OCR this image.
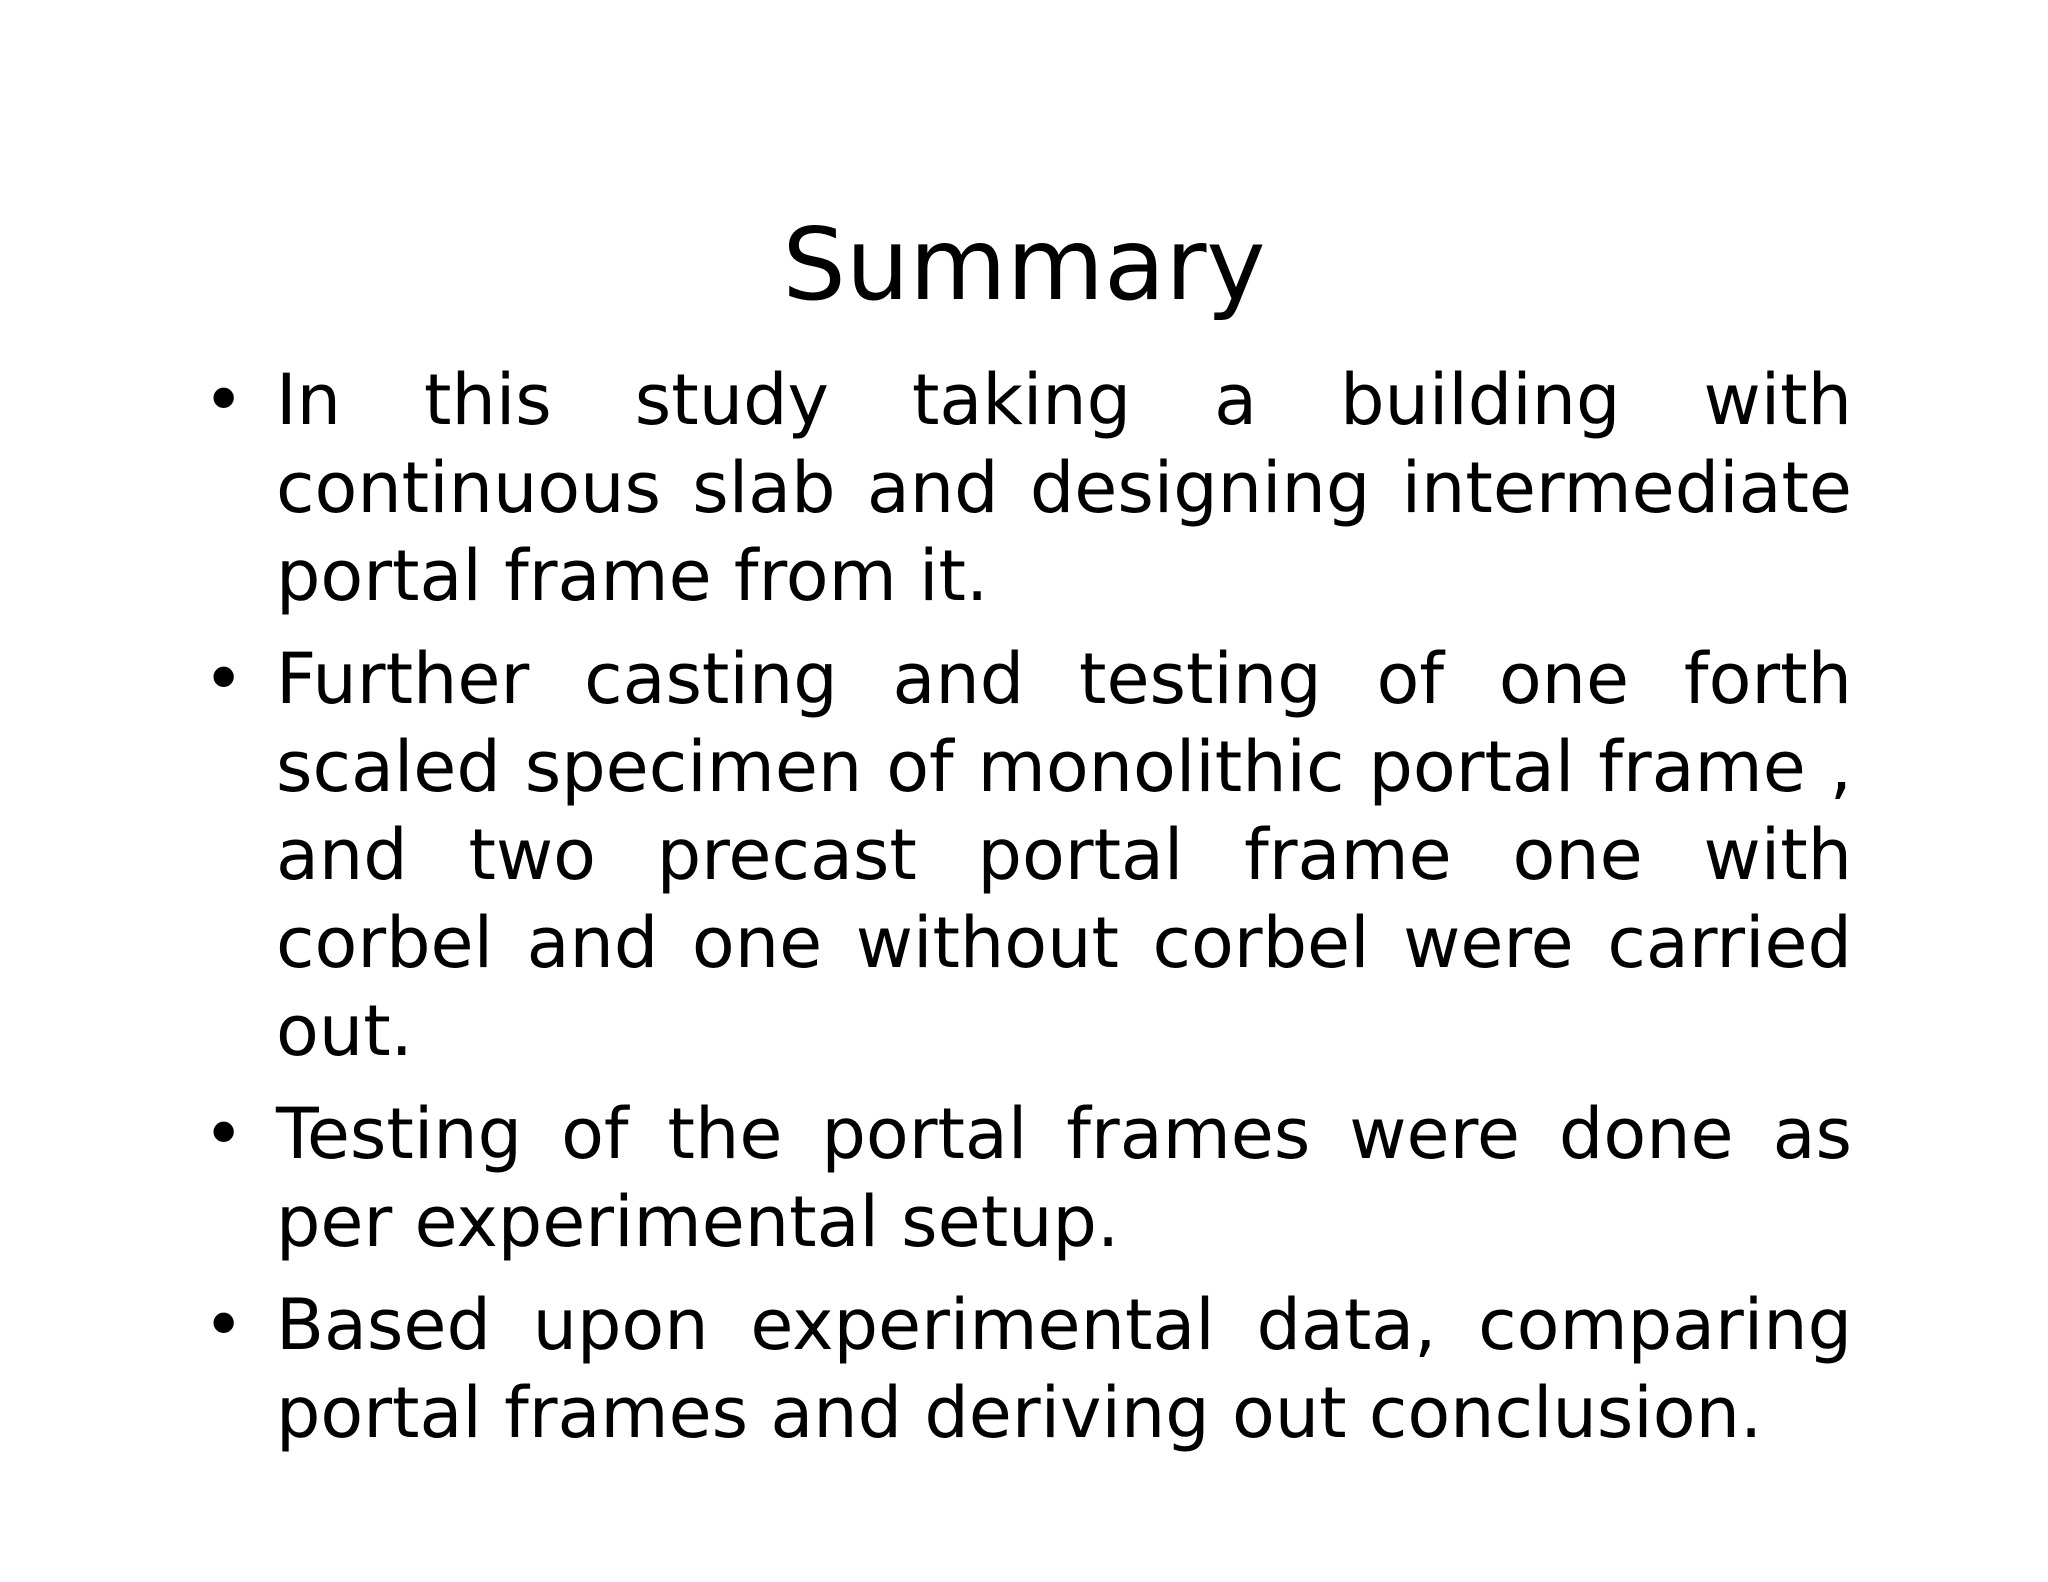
Summary
• In this study taking a building with continuous slab and designing intermediate portal frame from it.
• Further casting and testing of one forth scaled specimen of monolithic portal frame , and two precast portal frame one with corbel and one without corbel were carried out.
• Testing of the portal frames were done as per experimental setup.
• Based upon experimental data, comparing portal frames and deriving out conclusion.
